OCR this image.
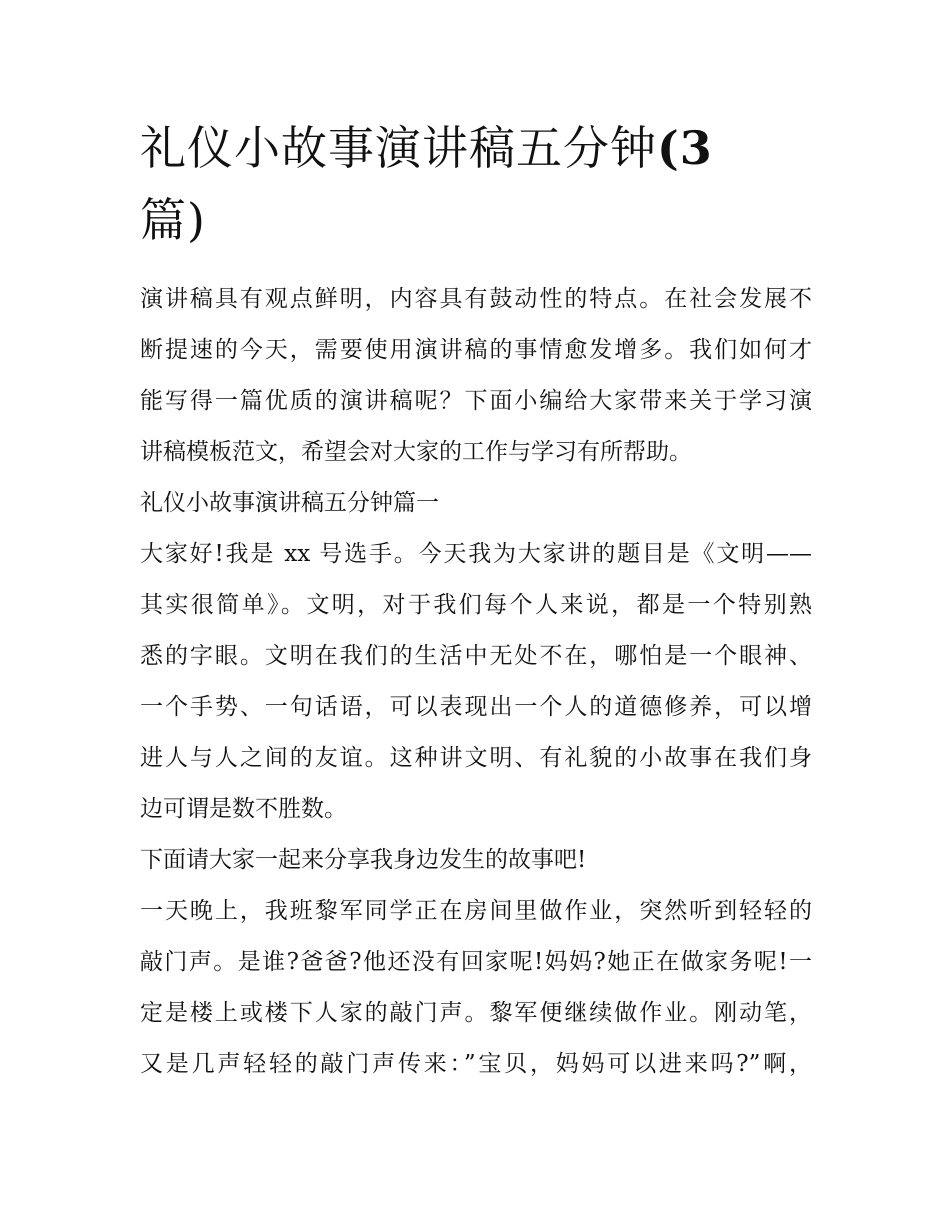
礼仪小故事演讲稿五分钟(3
篇)

演讲稿具有观点鲜明，内容具有鼓动性的特点。在社会发展不
断提速的今天，需要使用演讲稿的事情愈发增多。我们如何才
能写得一篇优质的演讲稿呢？下面小编给大家带来关于学习演
讲稿模板范文，希望会对大家的工作与学习有所帮助。

礼仪小故事演讲稿五分钟篇一

大家好!我是 xx 号选手。今天我为大家讲的题目是《文明——
其实很简单》。文明，对于我们每个人来说，都是一个特别熟
悉的字眼。文明在我们的生活中无处不在，哪怕是一个眼神、
一个手势、一句话语，可以表现出一个人的道德修养，可以增
进人与人之间的友谊。这种讲文明、有礼貌的小故事在我们身
边可谓是数不胜数。

下面请大家一起来分享我身边发生的故事吧!

一天晚上，我班黎军同学正在房间里做作业，突然听到轻轻的
敲门声。是谁?爸爸?他还没有回家呢!妈妈?她正在做家务呢!一
定是楼上或楼下人家的敲门声。黎军便继续做作业。刚动笔，
又是几声轻轻的敲门声传来：”宝贝，妈妈可以进来吗?”啊，
